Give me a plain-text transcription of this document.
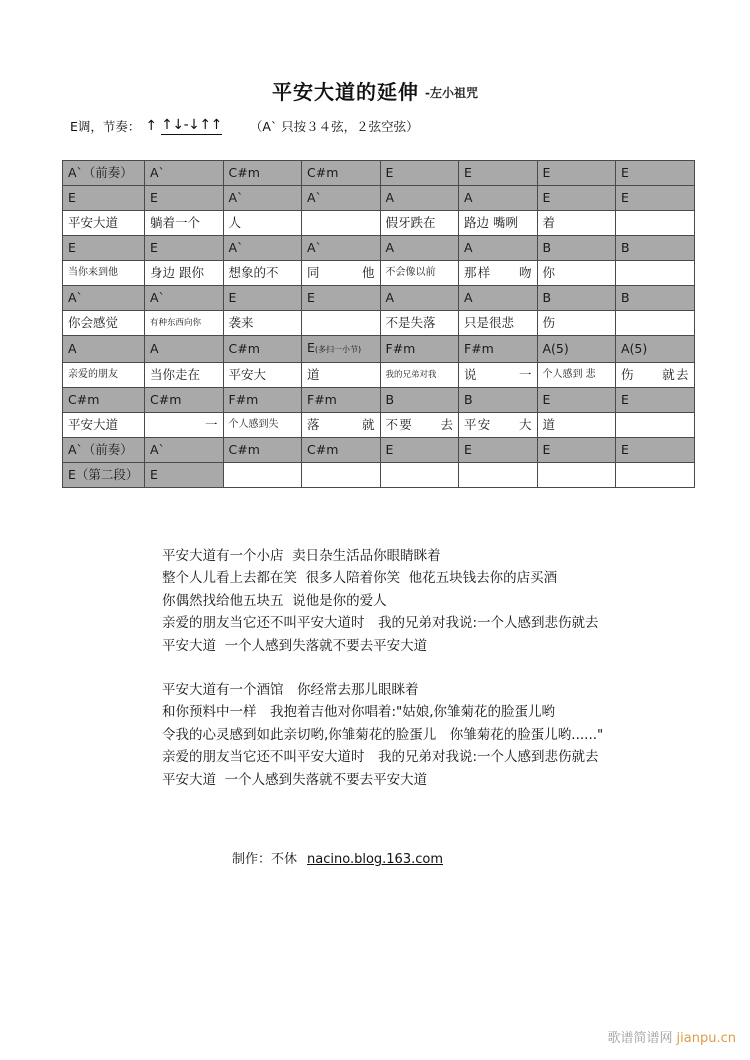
平安大道的延伸 -左小祖咒
E调，节奏： ↑ ↑↓-↓↑↑ （A` 只按３４弦，２弦空弦）
A`（前奏）	A`	C#m	C#m	E	E	E	E
E	E	A`	A`	A	A	E	E
平安大道	躺着一个	人		假牙跌在	路边 嘴咧	着	
E	E	A`	A`	A	A	B	B
当你来到他	身边 跟你	想象的不	同　　他	不会像以前	那样　　吻	你	
A`	A`	E	E	A	A	B	B
你会感觉	有种东西向你	袭来		不是失落	只是很悲	伤	
A	A	C#m	E(多扫一小节)	F#m	F#m	A(5)	A(5)
亲爱的朋友	当你走在	平安大	道	我的兄弟对我	说　　一	个人感到 悲	伤　　就去
C#m	C#m	F#m	F#m	B	B	E	E
平安大道	一	个人感到失	落　　就	不要　　去	平安　　大	道	
A`（前奏）	A`	C#m	C#m	E	E	E	E
E（第二段）	E						
平安大道有一个小店  卖日杂生活品你眼睛眯着
整个人儿看上去都在笑  很多人陪着你笑  他花五块钱去你的店买酒
你偶然找给他五块五  说他是你的爱人
亲爱的朋友当它还不叫平安大道时　我的兄弟对我说:一个人感到悲伤就去
平安大道  一个人感到失落就不要去平安大道
平安大道有一个酒馆　你经常去那儿眼眯着
和你预料中一样　我抱着吉他对你唱着:"姑娘,你雏菊花的脸蛋儿哟
令我的心灵感到如此亲切哟,你雏菊花的脸蛋儿　你雏菊花的脸蛋儿哟......"
亲爱的朋友当它还不叫平安大道时　我的兄弟对我说:一个人感到悲伤就去
平安大道  一个人感到失落就不要去平安大道
制作：不休 nacino.blog.163.com
歌谱简谱网 jianpu.cn
